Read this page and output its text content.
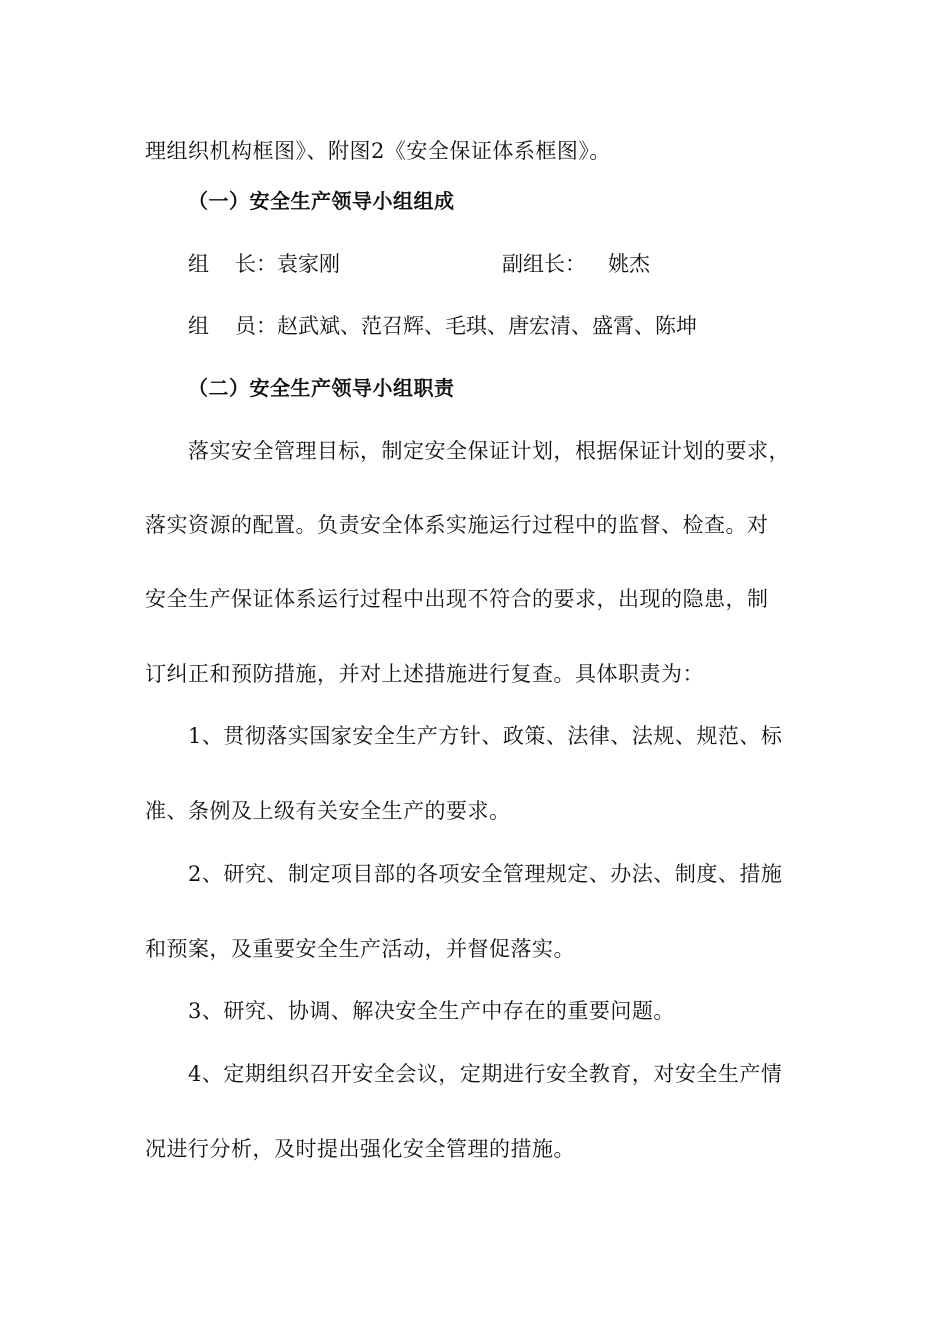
理组织机构框图》、附图2《安全保证体系框图》。
（一）安全生产领导小组组成
组 长：袁家刚	副组长： 姚杰
组 员：赵武斌、范召辉、毛琪、唐宏清、盛霄、陈坤
（二）安全生产领导小组职责
落实安全管理目标，制定安全保证计划，根据保证计划的要求，
落实资源的配置。负责安全体系实施运行过程中的监督、检查。对
安全生产保证体系运行过程中出现不符合的要求，出现的隐患，制
订纠正和预防措施，并对上述措施进行复查。具体职责为：
1、贯彻落实国家安全生产方针、政策、法律、法规、规范、标
准、条例及上级有关安全生产的要求。
2、研究、制定项目部的各项安全管理规定、办法、制度、措施
和预案，及重要安全生产活动，并督促落实。
3、研究、协调、解决安全生产中存在的重要问题。
4、定期组织召开安全会议，定期进行安全教育，对安全生产情
况进行分析，及时提出强化安全管理的措施。
